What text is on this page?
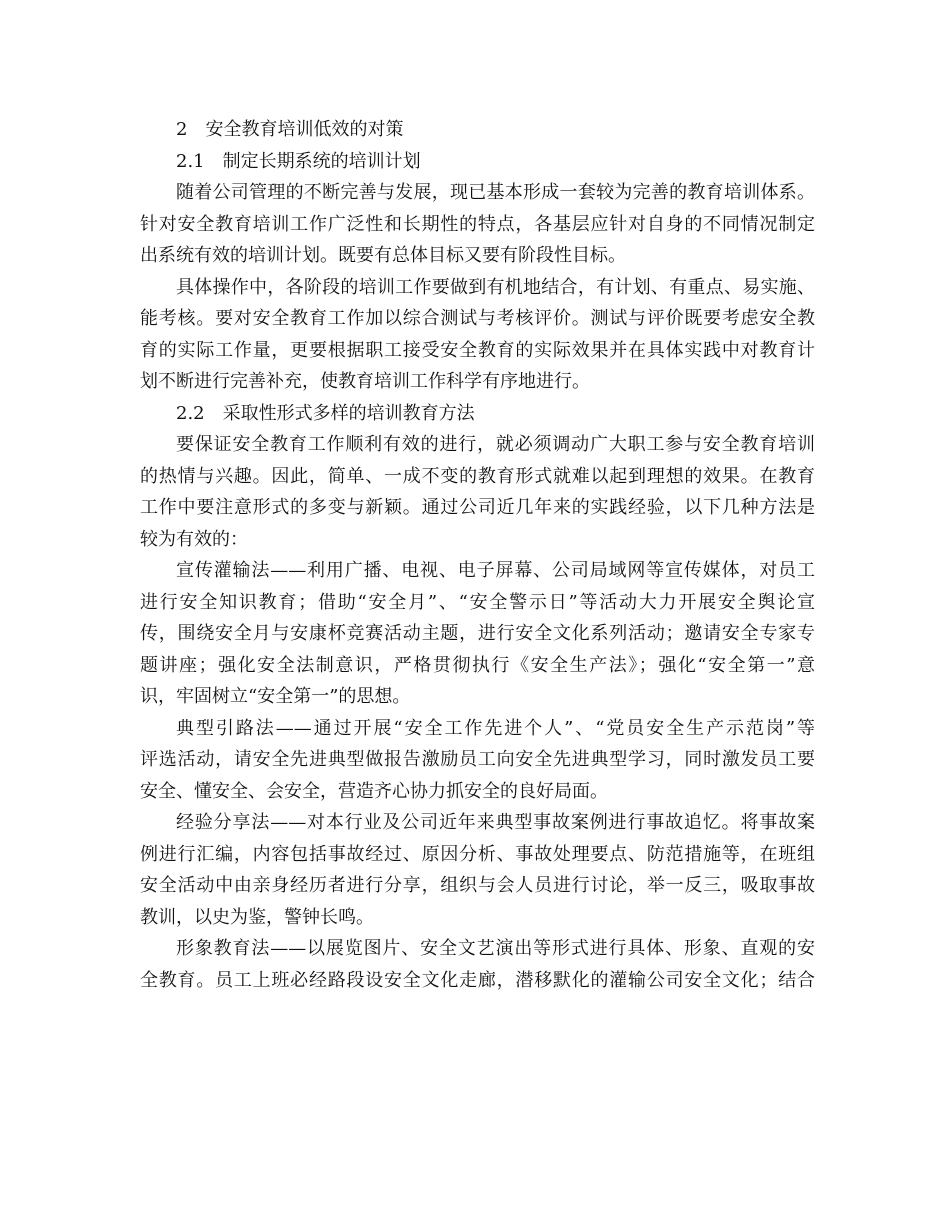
2　安全教育培训低效的对策
2.1　制定长期系统的培训计划
随着公司管理的不断完善与发展，现已基本形成一套较为完善的教育培训体系。
针对安全教育培训工作广泛性和长期性的特点，各基层应针对自身的不同情况制定
出系统有效的培训计划。既要有总体目标又要有阶段性目标。
具体操作中，各阶段的培训工作要做到有机地结合，有计划、有重点、易实施、
能考核。要对安全教育工作加以综合测试与考核评价。测试与评价既要考虑安全教
育的实际工作量，更要根据职工接受安全教育的实际效果并在具体实践中对教育计
划不断进行完善补充，使教育培训工作科学有序地进行。
2.2　采取性形式多样的培训教育方法
要保证安全教育工作顺利有效的进行，就必须调动广大职工参与安全教育培训
的热情与兴趣。因此，简单、一成不变的教育形式就难以起到理想的效果。在教育
工作中要注意形式的多变与新颖。通过公司近几年来的实践经验，以下几种方法是
较为有效的：
宣传灌输法——利用广播、电视、电子屏幕、公司局域网等宣传媒体，对员工
进行安全知识教育；借助“安全月”、“安全警示日”等活动大力开展安全舆论宣
传，围绕安全月与安康杯竞赛活动主题，进行安全文化系列活动；邀请安全专家专
题讲座；强化安全法制意识，严格贯彻执行《安全生产法》；强化“安全第一”意
识，牢固树立“安全第一”的思想。
典型引路法——通过开展“安全工作先进个人”、“党员安全生产示范岗”等
评选活动，请安全先进典型做报告激励员工向安全先进典型学习，同时激发员工要
安全、懂安全、会安全，营造齐心协力抓安全的良好局面。
经验分享法——对本行业及公司近年来典型事故案例进行事故追忆。将事故案
例进行汇编，内容包括事故经过、原因分析、事故处理要点、防范措施等，在班组
安全活动中由亲身经历者进行分享，组织与会人员进行讨论，举一反三，吸取事故
教训，以史为鉴，警钟长鸣。
形象教育法——以展览图片、安全文艺演出等形式进行具体、形象、直观的安
全教育。员工上班必经路段设安全文化走廊，潜移默化的灌输公司安全文化；结合
